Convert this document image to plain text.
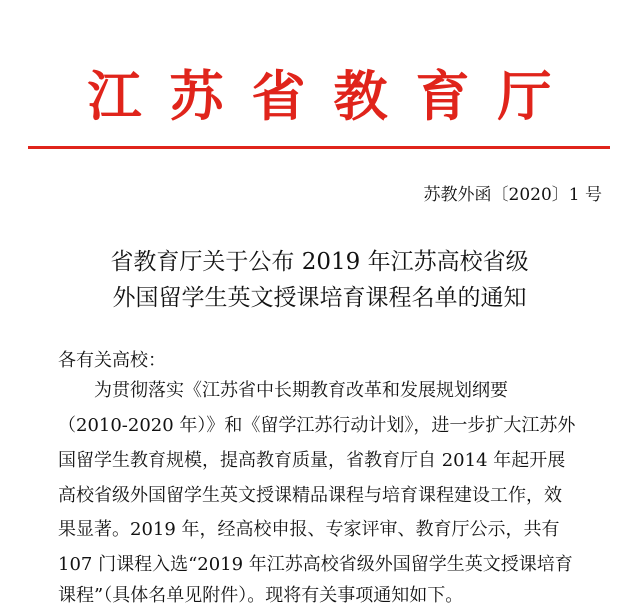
江苏省教育厅
苏教外函〔2020〕1 号
省教育厅关于公布 2019 年江苏高校省级
外国留学生英文授课培育课程名单的通知
各有关高校：
为贯彻落实《江苏省中长期教育改革和发展规划纲要
（2010-2020 年）》和《留学江苏行动计划》，进一步扩大江苏外
国留学生教育规模，提高教育质量，省教育厅自 2014 年起开展
高校省级外国留学生英文授课精品课程与培育课程建设工作，效
果显著。2019 年，经高校申报、专家评审、教育厅公示，共有
107 门课程入选“2019 年江苏高校省级外国留学生英文授课培育
课程”（具体名单见附件）。现将有关事项通知如下。
